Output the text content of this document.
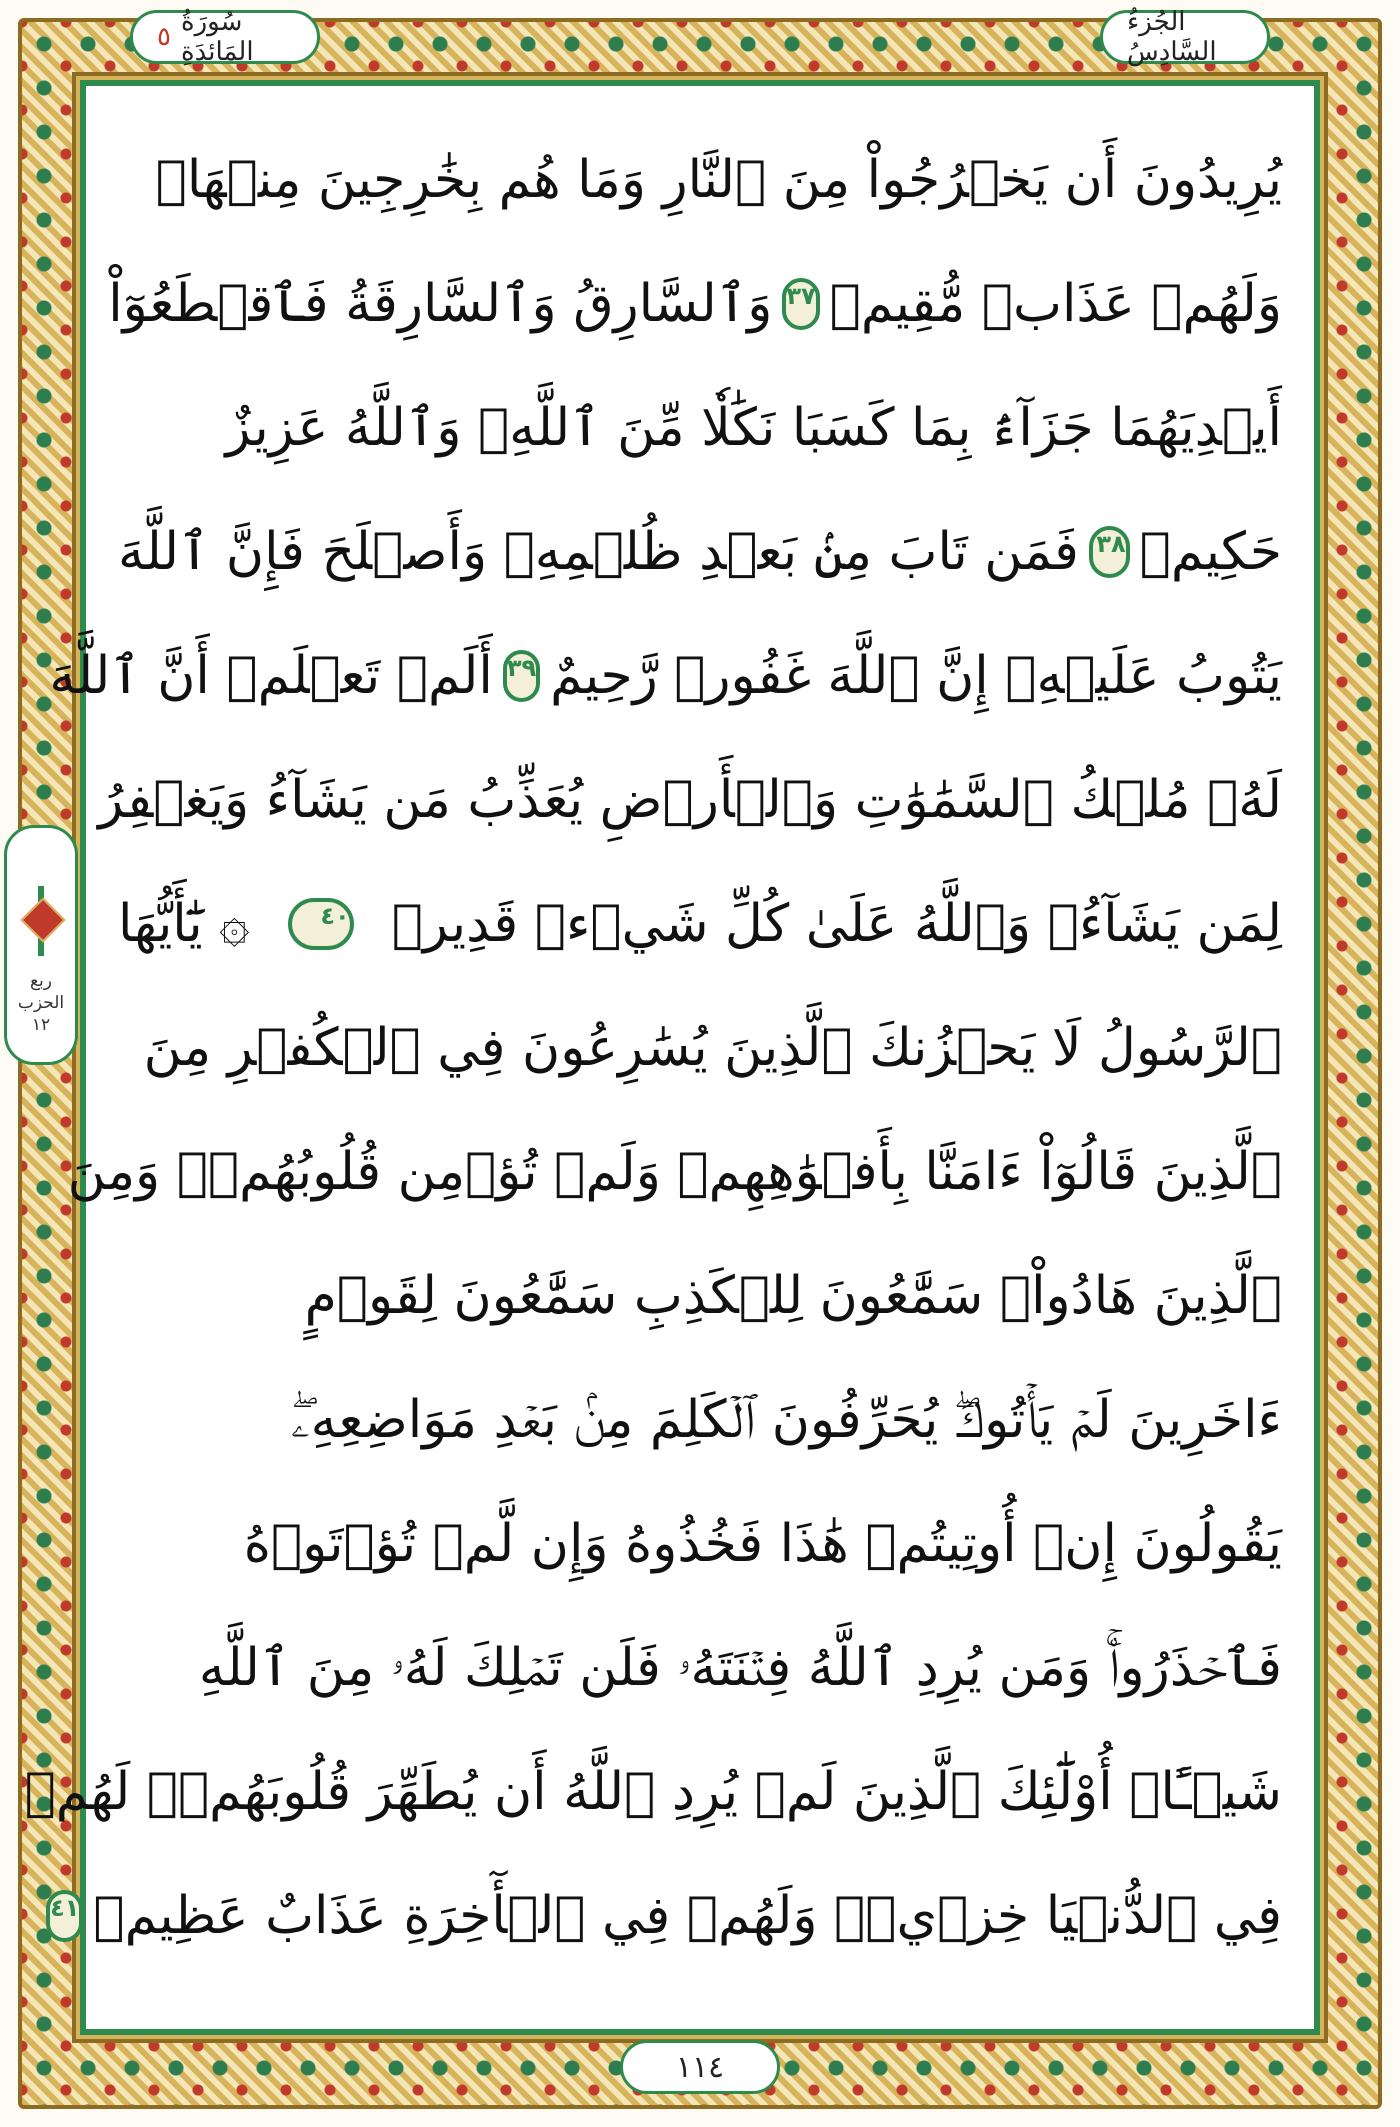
٥ سُورَةُ المَائدَةِ
الجُزءُ السَّادِسُ
ربع الحزب ١٢
يُرِيدُونَ أَن يَخۡرُجُواْ مِنَ ٱلنَّارِ وَمَا هُم بِخَٰرِجِينَ مِنۡهَاۖ
وَلَهُمۡ عَذَابٞ مُّقِيمٞ
٣٧
وَٱلسَّارِقُ وَٱلسَّارِقَةُ فَٱقۡطَعُوٓاْ
أَيۡدِيَهُمَا جَزَآءَۢ بِمَا كَسَبَا نَكَٰلٗا مِّنَ ٱللَّهِۗ وَٱللَّهُ عَزِيزٌ
حَكِيمٞ
٣٨
فَمَن تَابَ مِنۢ بَعۡدِ ظُلۡمِهِۦ وَأَصۡلَحَ فَإِنَّ ٱللَّهَ
يَتُوبُ عَلَيۡهِۚ إِنَّ ٱللَّهَ غَفُورٞ رَّحِيمٌ
٣٩
أَلَمۡ تَعۡلَمۡ أَنَّ ٱللَّهَ
لَهُۥ مُلۡكُ ٱلسَّمَٰوَٰتِ وَٱلۡأَرۡضِ يُعَذِّبُ مَن يَشَآءُ وَيَغۡفِرُ
لِمَن يَشَآءُۗ وَٱللَّهُ عَلَىٰ كُلِّ شَيۡءٖ قَدِيرٞ
٤٠
۞ يَٰٓأَيُّهَا
ٱلرَّسُولُ لَا يَحۡزُنكَ ٱلَّذِينَ يُسَٰرِعُونَ فِي ٱلۡكُفۡرِ مِنَ
ٱلَّذِينَ قَالُوٓاْ ءَامَنَّا بِأَفۡوَٰهِهِمۡ وَلَمۡ تُؤۡمِن قُلُوبُهُمۡۛ وَمِنَ
ٱلَّذِينَ هَادُواْۛ سَمَّٰعُونَ لِلۡكَذِبِ سَمَّٰعُونَ لِقَوۡمٍ
ءَاخَرِينَ لَمۡ يَأۡتُوكَۖ يُحَرِّفُونَ ٱلۡكَلِمَ مِنۢ بَعۡدِ مَوَاضِعِهِۦۖ
يَقُولُونَ إِنۡ أُوتِيتُمۡ هَٰذَا فَخُذُوهُ وَإِن لَّمۡ تُؤۡتَوۡهُ
فَٱحۡذَرُواْۚ وَمَن يُرِدِ ٱللَّهُ فِتۡنَتَهُۥ فَلَن تَمۡلِكَ لَهُۥ مِنَ ٱللَّهِ
شَيۡـًٔاۚ أُوْلَٰٓئِكَ ٱلَّذِينَ لَمۡ يُرِدِ ٱللَّهُ أَن يُطَهِّرَ قُلُوبَهُمۡۚ لَهُمۡ
فِي ٱلدُّنۡيَا خِزۡيٞۖ وَلَهُمۡ فِي ٱلۡأٓخِرَةِ عَذَابٌ عَظِيمٞ
٤١
١١٤
